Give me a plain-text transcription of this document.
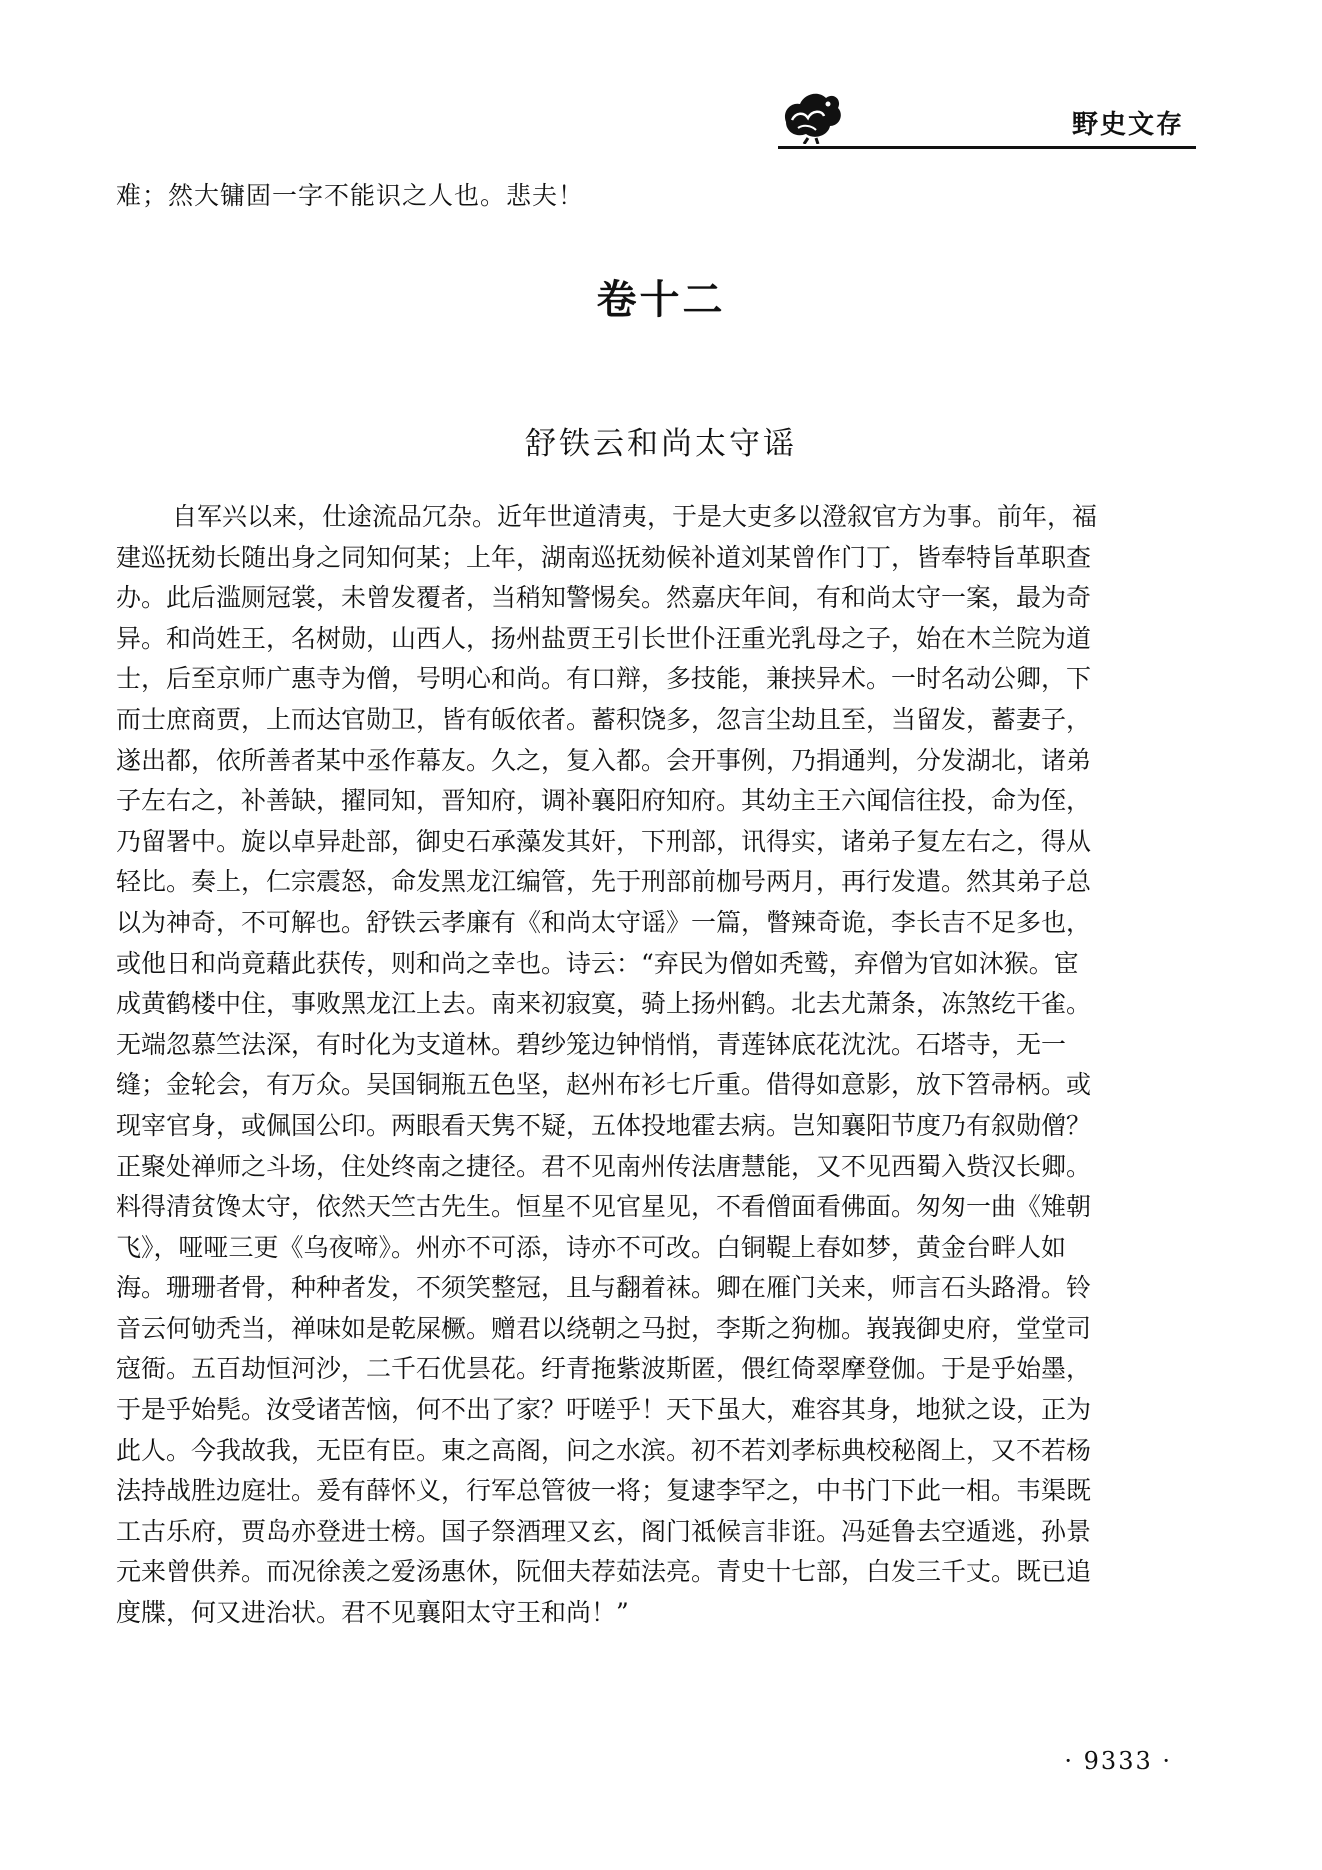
野史文存
难；然大镛固一字不能识之人也。悲夫！
卷十二
舒铁云和尚太守谣
自军兴以来，仕途流品冗杂。近年世道清夷，于是大吏多以澄叙官方为事。前年，福
建巡抚劾长随出身之同知何某；上年，湖南巡抚劾候补道刘某曾作门丁，皆奉特旨革职查
办。此后滥厕冠裳，未曾发覆者，当稍知警惕矣。然嘉庆年间，有和尚太守一案，最为奇
异。和尚姓王，名树勋，山西人，扬州盐贾王引长世仆汪重光乳母之子，始在木兰院为道
士，后至京师广惠寺为僧，号明心和尚。有口辩，多技能，兼挟异术。一时名动公卿，下
而士庶商贾，上而达官勋卫，皆有皈依者。蓄积饶多，忽言尘劫且至，当留发，蓄妻子，
遂出都，依所善者某中丞作幕友。久之，复入都。会开事例，乃捐通判，分发湖北，诸弟
子左右之，补善缺，擢同知，晋知府，调补襄阳府知府。其幼主王六闻信往投，命为侄，
乃留署中。旋以卓异赴部，御史石承藻发其奸，下刑部，讯得实，诸弟子复左右之，得从
轻比。奏上，仁宗震怒，命发黑龙江编管，先于刑部前枷号两月，再行发遣。然其弟子总
以为神奇，不可解也。舒铁云孝廉有《和尚太守谣》一篇，瞥辣奇诡，李长吉不足多也，
或他日和尚竟藉此获传，则和尚之幸也。诗云：“弃民为僧如秃鹫，弃僧为官如沐猴。宦
成黄鹤楼中住，事败黑龙江上去。南来初寂寞，骑上扬州鹤。北去尤萧条，冻煞纥干雀。
无端忽慕竺法深，有时化为支道林。碧纱笼边钟悄悄，青莲钵底花沈沈。石塔寺，无一
缝；金轮会，有万众。吴国铜瓶五色坚，赵州布衫七斤重。借得如意影，放下笤帚柄。或
现宰官身，或佩国公印。两眼看天隽不疑，五体投地霍去病。岂知襄阳节度乃有叙勋僧？
正聚处禅师之斗场，住处终南之捷径。君不见南州传法唐慧能，又不见西蜀入赀汉长卿。
料得清贫馋太守，依然天竺古先生。恒星不见官星见，不看僧面看佛面。匆匆一曲《雉朝
飞》，哑哑三更《乌夜啼》。州亦不可添，诗亦不可改。白铜鞮上春如梦，黄金台畔人如
海。珊珊者骨，种种者发，不须笑整冠，且与翻着袜。卿在雁门关来，师言石头路滑。铃
音云何劬秃当，禅味如是乾屎橛。赠君以绕朝之马挝，李斯之狗枷。峩峩御史府，堂堂司
寇衙。五百劫恒河沙，二千石优昙花。纡青拖紫波斯匿，偎红倚翠摩登伽。于是乎始墨，
于是乎始髡。汝受诸苦恼，何不出了家？吁嗟乎！天下虽大，难容其身，地狱之设，正为
此人。今我故我，无臣有臣。東之高阁，问之水滨。初不若刘孝标典校秘阁上，又不若杨
法持战胜边庭壮。爰有薛怀义，行军总管彼一将；复逮李罕之，中书门下此一相。韦渠既
工古乐府，贾岛亦登进士榜。国子祭酒理又玄，阁门祗候言非诳。冯延鲁去空遁逃，孙景
元来曾供养。而况徐羡之爱汤惠休，阮佃夫荐茹法亮。青史十七部，白发三千丈。既已追
度牒，何又进治状。君不见襄阳太守王和尚！”
· 9333 ·
